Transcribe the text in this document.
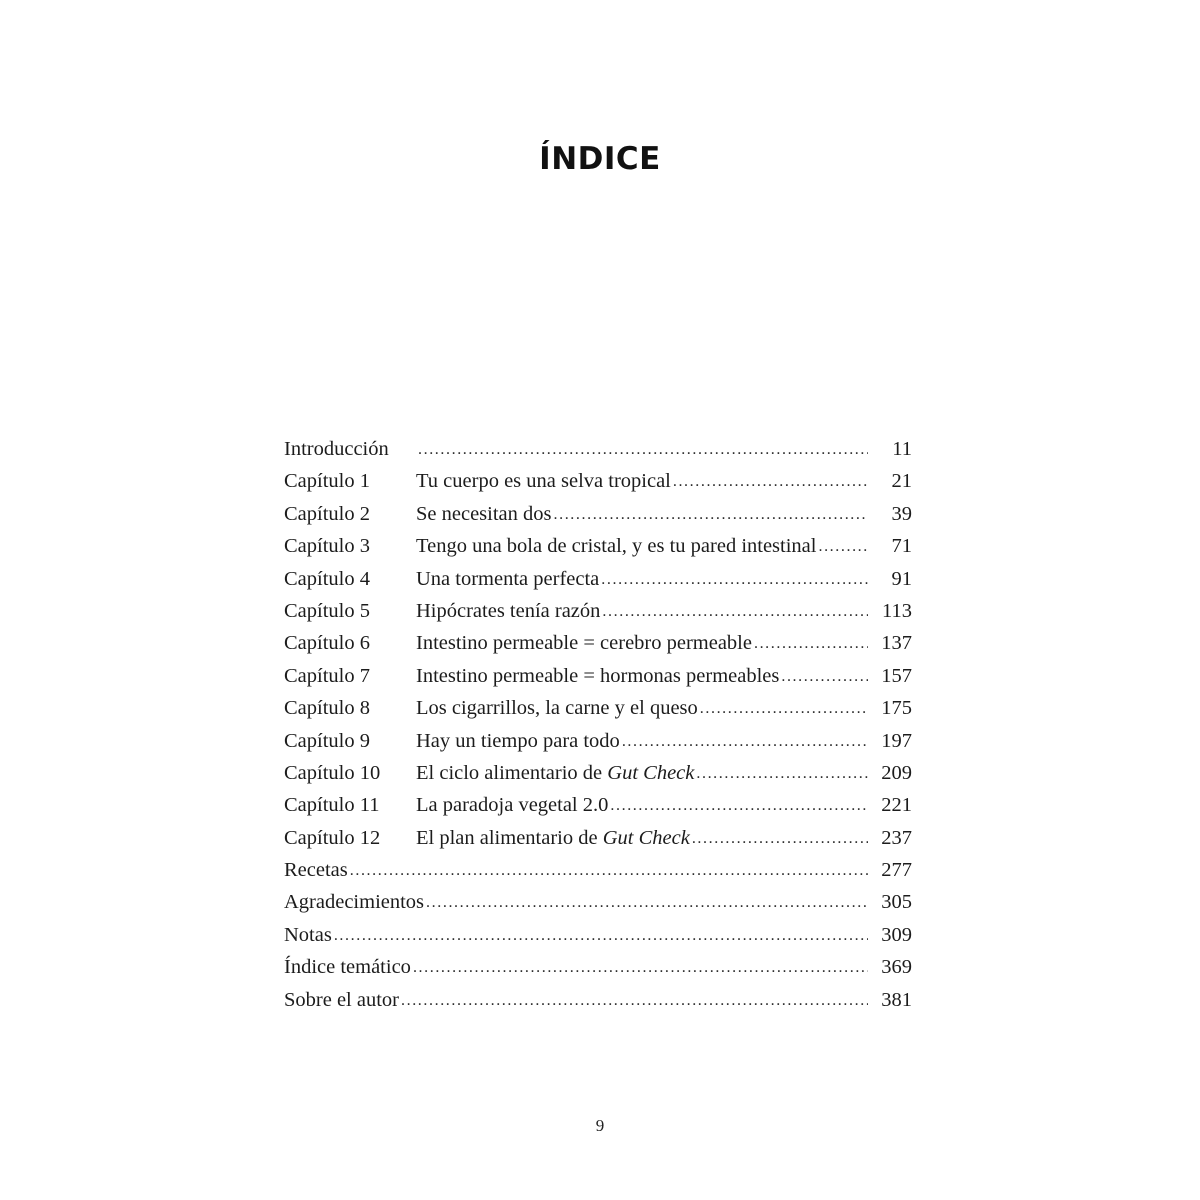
ÍNDICE
Introducción .....	11
Capítulo 1	Tu cuerpo es una selva tropical .....	21
Capítulo 2	Se necesitan dos .....	39
Capítulo 3	Tengo una bola de cristal, y es tu pared intestinal .....	71
Capítulo 4	Una tormenta perfecta .....	91
Capítulo 5	Hipócrates tenía razón .....	113
Capítulo 6	Intestino permeable = cerebro permeable .....	137
Capítulo 7	Intestino permeable = hormonas permeables .....	157
Capítulo 8	Los cigarrillos, la carne y el queso .....	175
Capítulo 9	Hay un tiempo para todo .....	197
Capítulo 10	El ciclo alimentario de Gut Check .....	209
Capítulo 11	La paradoja vegetal 2.0 .....	221
Capítulo 12	El plan alimentario de Gut Check .....	237
Recetas .....	277
Agradecimientos .....	305
Notas .....	309
Índice temático .....	369
Sobre el autor .....	381
9
